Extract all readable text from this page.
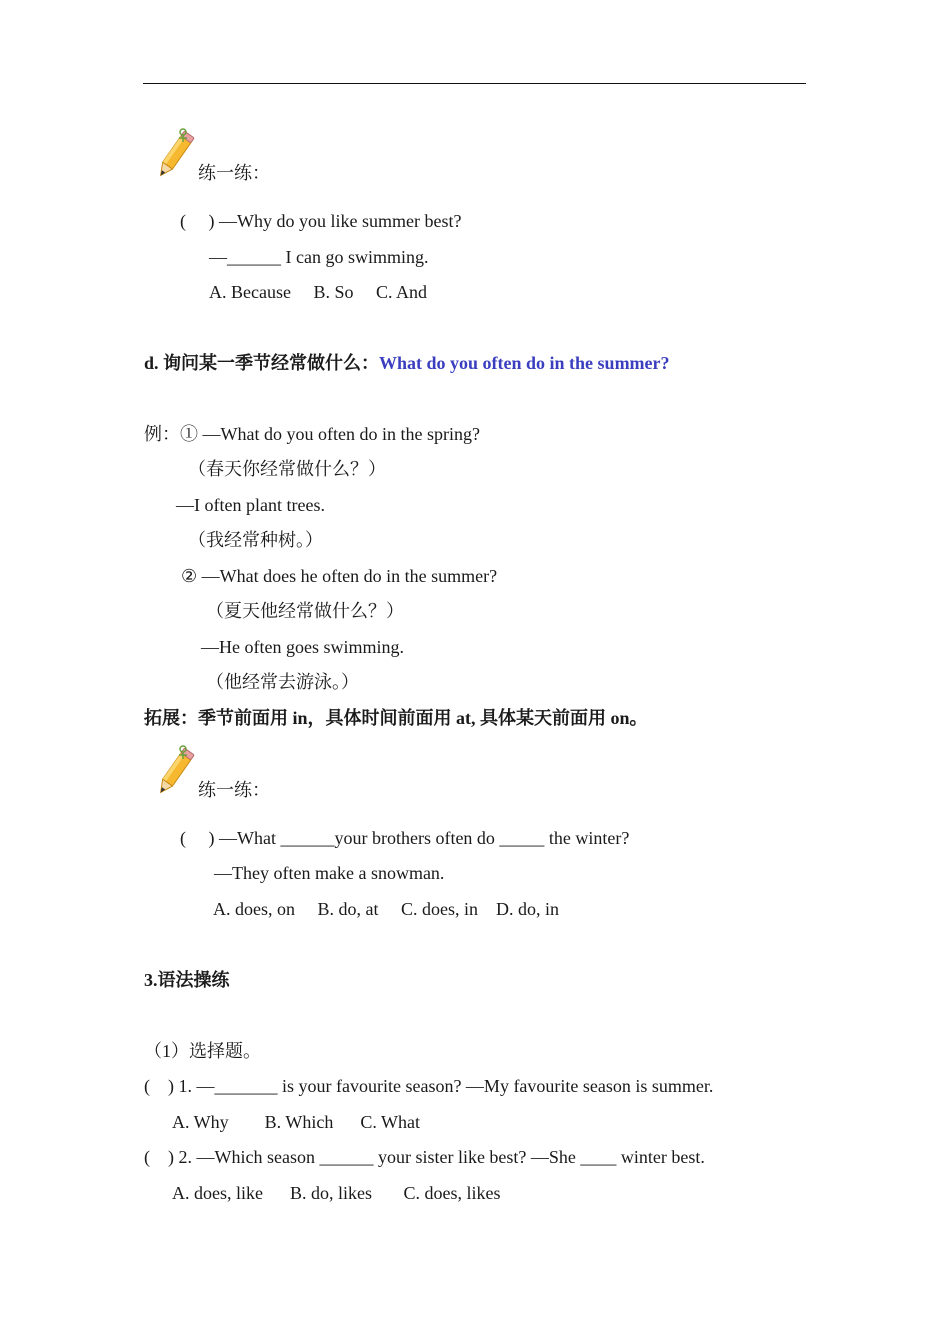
练一练：
(     ) —Why do you like summer best?
—______ I can go swimming.
A. Because     B. So     C. And
d. 询问某一季节经常做什么：What do you often do in the summer?
例：① —What do you often do in the spring?
（春天你经常做什么？）
—I often plant trees.
（我经常种树。）
② —What does he often do in the summer?
（夏天他经常做什么？）
—He often goes swimming.
（他经常去游泳。）
拓展：季节前面用 in，具体时间前面用 at, 具体某天前面用 on。
练一练：
(     ) —What ______your brothers often do _____ the winter?
—They often make a snowman.
A. does, on     B. do, at     C. does, in    D. do, in
3.语法操练
（1）选择题。
(    ) 1. —_______ is your favourite season? —My favourite season is summer.
A. Why        B. Which      C. What
(    ) 2. —Which season ______ your sister like best? —She ____ winter best.
A. does, like      B. do, likes       C. does, likes
